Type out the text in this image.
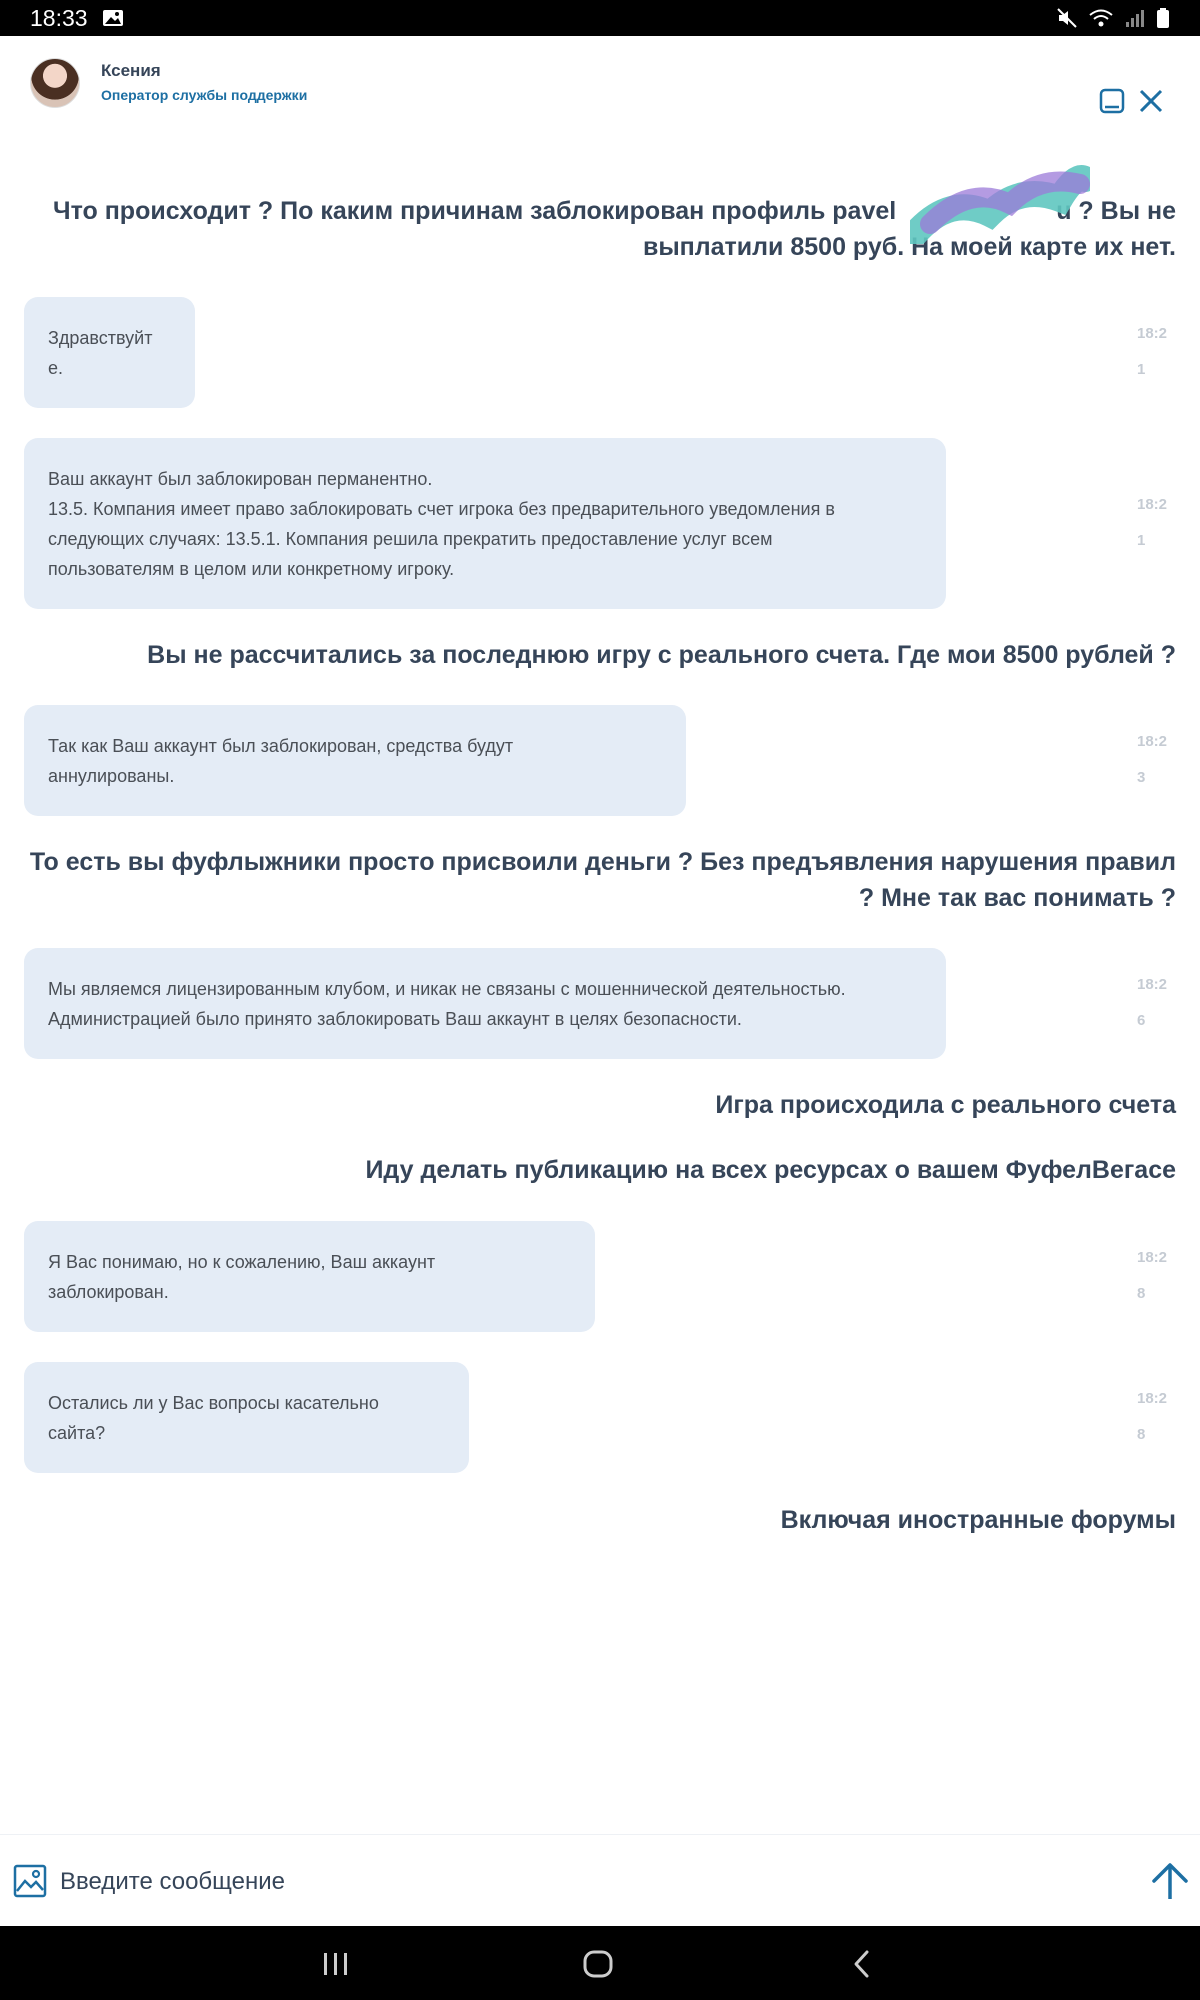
18:33
Ксения
Оператор службы поддержки
Что происходит ? По каким причинам заблокирован профиль pavel	u ? Вы не
выплатили 8500 руб. На моей карте их нет.
Здравствуйт
е.
18:21
Ваш аккаунт был заблокирован перманентно.
13.5. Компания имеет право заблокировать счет игрока без предварительного уведомления в
следующих случаях: 13.5.1. Компания решила прекратить предоставление услуг всем
пользователям в целом или конкретному игроку.
18:21
Вы не рассчитались за последнюю игру с реального счета. Где мои 8500 рублей ?
Так как Ваш аккаунт был заблокирован, средства будут
аннулированы.
18:23
То есть вы фуфлыжники просто присвоили деньги ? Без предъявления нарушения правил
? Мне так вас понимать ?
Мы являемся лицензированным клубом, и никак не связаны с мошеннической деятельностью.
Администрацией было принято заблокировать Ваш аккаунт в целях безопасности.
18:26
Игра происходила с реального счета
Иду делать публикацию на всех ресурсах о вашем ФуфелВегасе
Я Вас понимаю, но к сожалению, Ваш аккаунт
заблокирован.
18:28
Остались ли у Вас вопросы касательно
сайта?
18:28
Включая иностранные форумы
Введите сообщение
